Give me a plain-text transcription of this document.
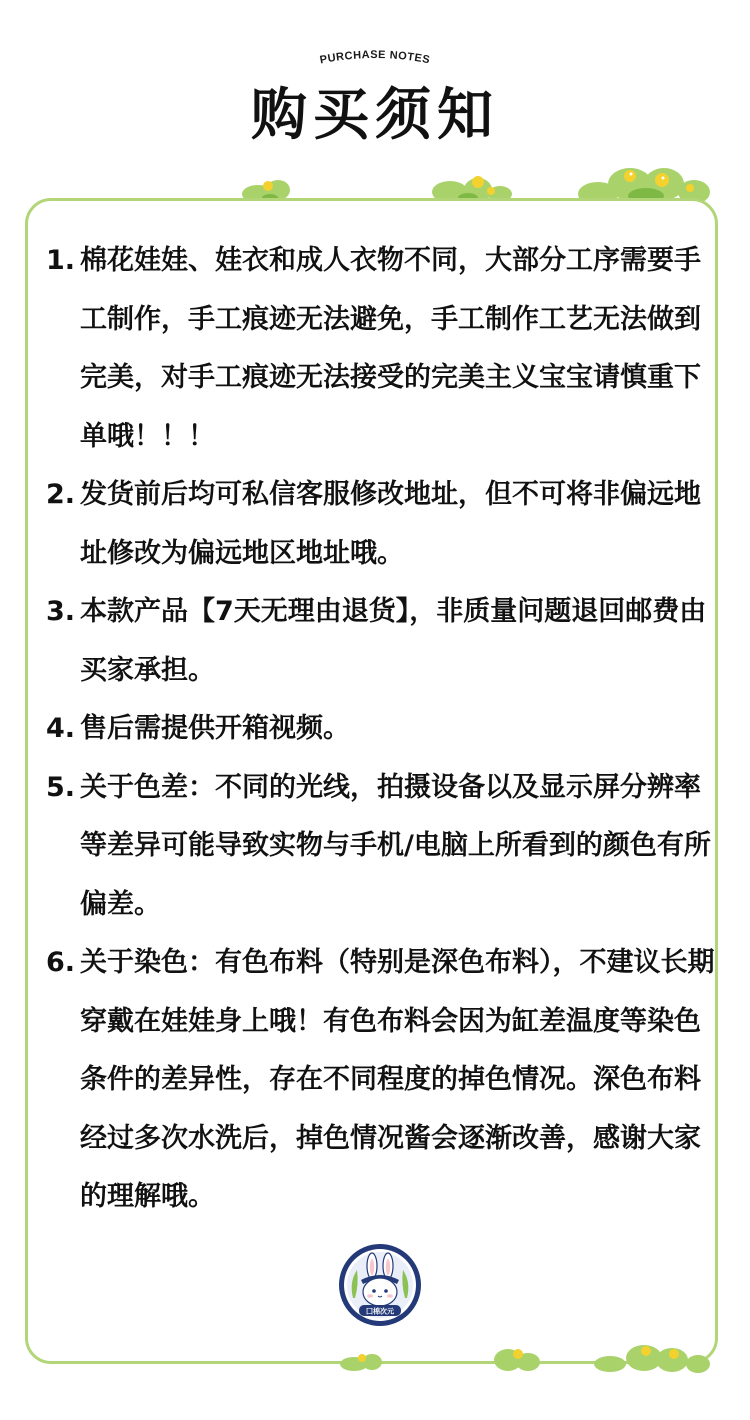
PURCHASE NOTES
购买须知
1. 棉花娃娃、娃衣和成人衣物不同，大部分工序需要手工制作，手工痕迹无法避免，手工制作工艺无法做到完美，对手工痕迹无法接受的完美主义宝宝请慎重下单哦！！！
2. 发货前后均可私信客服修改地址，但不可将非偏远地址修改为偏远地区地址哦。
3. 本款产品【7天无理由退货】，非质量问题退回邮费由买家承担。
4. 售后需提供开箱视频。
5. 关于色差：不同的光线，拍摄设备以及显示屏分辨率等差异可能导致实物与手机/电脑上所看到的颜色有所偏差。
6. 关于染色：有色布料（特别是深色布料），不建议长期穿戴在娃娃身上哦！有色布料会因为缸差温度等染色条件的差异性，存在不同程度的掉色情况。深色布料经过多次水洗后，掉色情况酱会逐渐改善，感谢大家的理解哦。
囗棉次元
